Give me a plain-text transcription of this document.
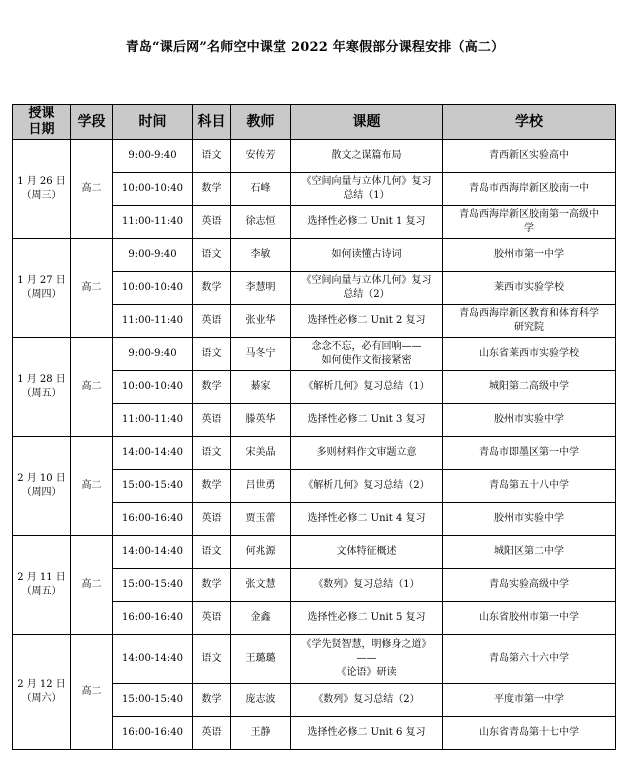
青岛“课后网”名师空中课堂 2022 年寒假部分课程安排（高二）
授课
日期	学段	时间	科目	教师	课题	学校
1 月 26 日
（周三）	高二	9:00-9:40	语文	安传芳	散文之谋篇布局	青西新区实验高中
		10:00-10:40	数学	石峰	《空间向量与立体几何》复习
总结（1）	青岛市西海岸新区胶南一中
		11:00-11:40	英语	徐志恒	选择性必修二 Unit 1 复习	青岛西海岸新区胶南第一高级中
学
1 月 27 日
（周四）	高二	9:00-9:40	语文	李敏	如何读懂古诗词	胶州市第一中学
		10:00-10:40	数学	李慧明	《空间向量与立体几何》复习
总结（2）	莱西市实验学校
		11:00-11:40	英语	张业华	选择性必修二 Unit 2 复习	青岛西海岸新区教育和体育科学
研究院
1 月 28 日
（周五）	高二	9:00-9:40	语文	马冬宁	念念不忘，必有回响——
如何使作文衔接紧密	山东省莱西市实验学校
		10:00-10:40	数学	綦家	《解析几何》复习总结（1）	城阳第二高级中学
		11:00-11:40	英语	滕英华	选择性必修二 Unit 3 复习	胶州市实验中学
2 月 10 日
（周四）	高二	14:00-14:40	语文	宋美晶	多则材料作文审题立意	青岛市即墨区第一中学
		15:00-15:40	数学	吕世勇	《解析几何》复习总结（2）	青岛第五十八中学
		16:00-16:40	英语	贾玉蕾	选择性必修二 Unit 4 复习	胶州市实验中学
2 月 11 日
（周五）	高二	14:00-14:40	语文	何兆源	文体特征概述	城阳区第二中学
		15:00-15:40	数学	张文慧	《数列》复习总结（1）	青岛实验高级中学
		16:00-16:40	英语	金鑫	选择性必修二 Unit 5 复习	山东省胶州市第一中学
2 月 12 日
（周六）	高二	14:00-14:40	语文	王璐璐	《学先贤智慧，明修身之道》
——
《论语》研读	青岛第六十六中学
		15:00-15:40	数学	庞志波	《数列》复习总结（2）	平度市第一中学
		16:00-16:40	英语	王静	选择性必修二 Unit 6 复习	山东省青岛第十七中学
